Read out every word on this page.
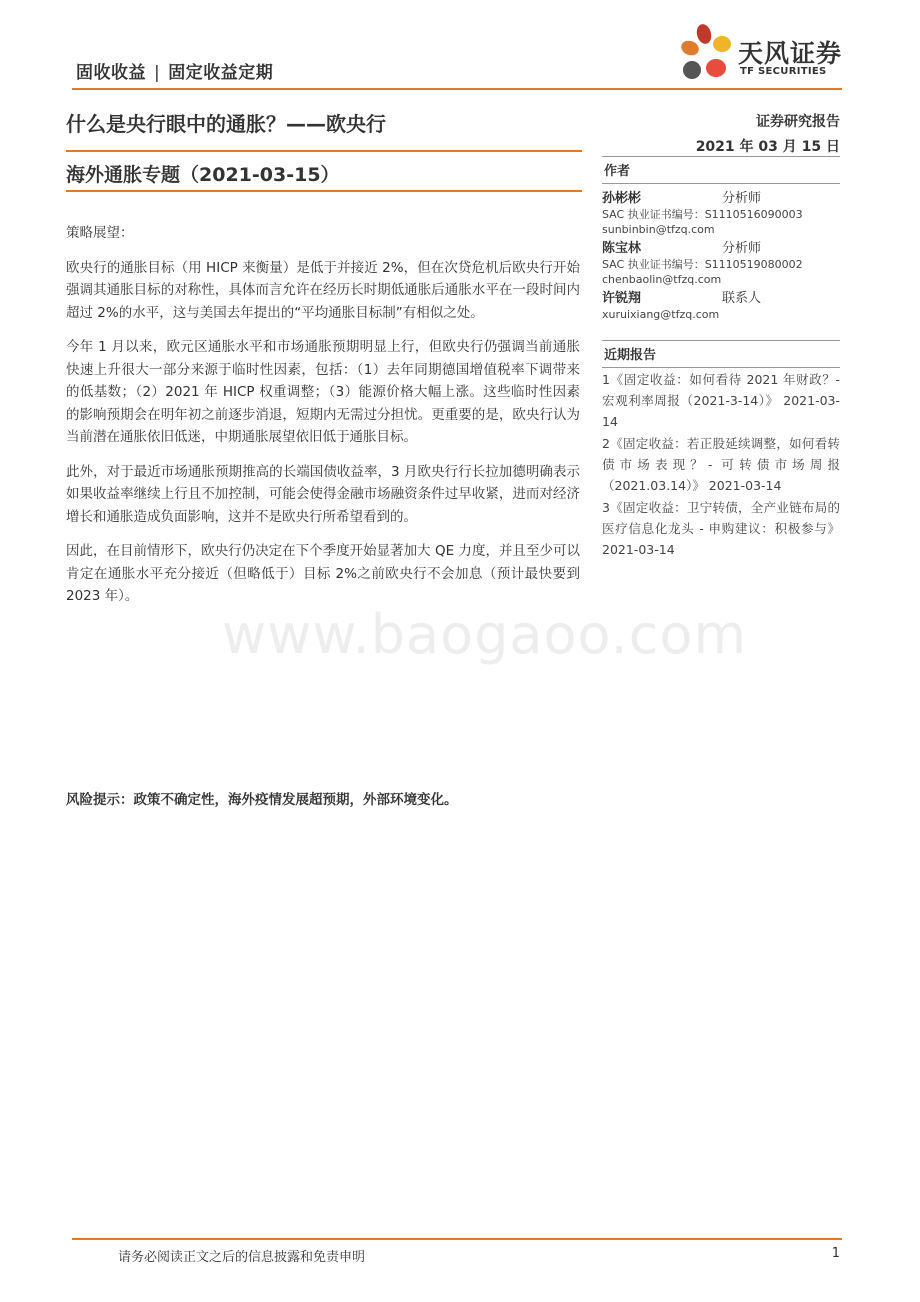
固收收益 | 固定收益定期
天风证券
TF SECURITIES
什么是央行眼中的通胀？——欧央行	证券研究报告
2021 年 03 月 15 日
海外通胀专题（2021-03-15）

策略展望：

欧央行的通胀目标（用 HICP 来衡量）是低于并接近 2%，但在次贷危机后欧央行开始强调其通胀目标的对称性，具体而言允许在经历长时期低通胀后通胀水平在一段时间内超过 2%的水平，这与美国去年提出的“平均通胀目标制”有相似之处。

今年 1 月以来，欧元区通胀水平和市场通胀预期明显上行，但欧央行仍强调当前通胀快速上升很大一部分来源于临时性因素，包括：（1）去年同期德国增值税率下调带来的低基数；（2）2021 年 HICP 权重调整；（3）能源价格大幅上涨。这些临时性因素的影响预期会在明年初之前逐步消退，短期内无需过分担忧。更重要的是，欧央行认为当前潜在通胀依旧低迷，中期通胀展望依旧低于通胀目标。

此外，对于最近市场通胀预期推高的长端国债收益率，3 月欧央行行长拉加德明确表示如果收益率继续上行且不加控制，可能会使得金融市场融资条件过早收紧，进而对经济增长和通胀造成负面影响，这并不是欧央行所希望看到的。

因此，在目前情形下，欧央行仍决定在下个季度开始显著加大 QE 力度，并且至少可以肯定在通胀水平充分接近（但略低于）目标 2%之前欧央行不会加息（预计最快要到 2023 年）。

风险提示：政策不确定性，海外疫情发展超预期，外部环境变化。
作者
孙彬彬	分析师
SAC 执业证书编号：S1110516090003
sunbinbin@tfzq.com
陈宝林	分析师
SAC 执业证书编号：S1110519080002
chenbaolin@tfzq.com
许锐翔	联系人
xuruixiang@tfzq.com
近期报告
1《固定收益：如何看待 2021 年财政？- 宏观利率周报（2021-3-14）》 2021-03-14
2《固定收益：若正股延续调整，如何看转债市场表现？- 可转债市场周报（2021.03.14）》 2021-03-14
3《固定收益：卫宁转债，全产业链布局的医疗信息化龙头 - 申购建议：积极参与》 2021-03-14
www.baogaoo.com
请务必阅读正文之后的信息披露和免责申明	1
